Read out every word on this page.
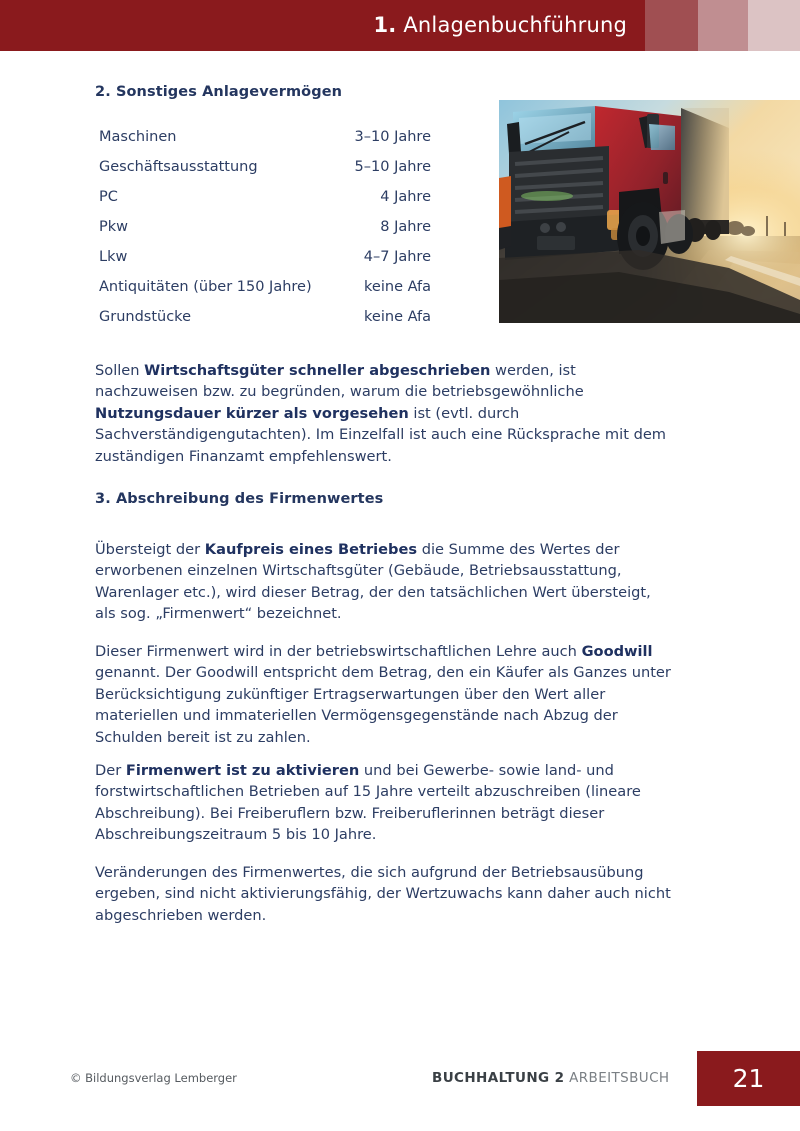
1. Anlagenbuchführung
2. Sonstiges Anlagevermögen
Maschinen	3–10 Jahre
Geschäftsausstattung	5–10 Jahre
PC	4 Jahre
Pkw	8 Jahre
Lkw	4–7 Jahre
Antiquitäten (über 150 Jahre)	keine Afa
Grundstücke	keine Afa

Sollen Wirtschaftsgüter schneller abgeschrieben werden, ist nachzuweisen bzw. zu begründen, warum die betriebsgewöhnliche Nutzungsdauer kürzer als vorgesehen ist (evtl. durch Sachverständigengutachten). Im Einzelfall ist auch eine Rücksprache mit dem zuständigen Finanzamt empfehlenswert.

3. Abschreibung des Firmenwertes

Übersteigt der Kaufpreis eines Betriebes die Summe des Wertes der erworbenen einzelnen Wirtschaftsgüter (Gebäude, Betriebsausstattung, Warenlager etc.), wird dieser Betrag, der den tatsächlichen Wert übersteigt, als sog. „Firmenwert“ bezeichnet.

Dieser Firmenwert wird in der betriebswirtschaftlichen Lehre auch Goodwill genannt. Der Goodwill entspricht dem Betrag, den ein Käufer als Ganzes unter Berücksichtigung zukünftiger Ertragserwartungen über den Wert aller materiellen und immateriellen Vermögensgegenstände nach Abzug der Schulden bereit ist zu zahlen.

Der Firmenwert ist zu aktivieren und bei Gewerbe- sowie land- und forstwirtschaftlichen Betrieben auf 15 Jahre verteilt abzuschreiben (lineare Abschreibung). Bei Freiberuflern bzw. Freiberuflerinnen beträgt dieser Abschreibungszeitraum 5 bis 10 Jahre.

Veränderungen des Firmenwertes, die sich aufgrund der Betriebsausübung ergeben, sind nicht aktivierungsfähig, der Wertzuwachs kann daher auch nicht abgeschrieben werden.

© Bildungsverlag Lemberger	BUCHHALTUNG 2 ARBEITSBUCH	21
